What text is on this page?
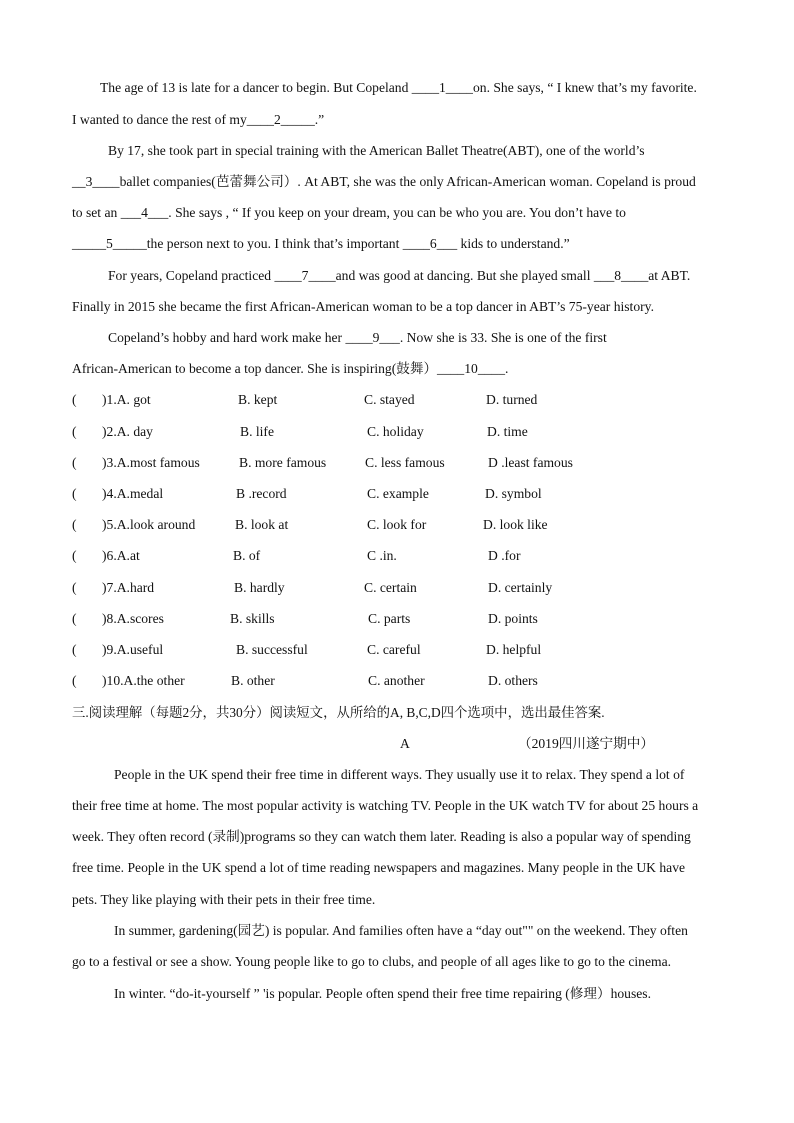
The age of 13 is late for a dancer to begin. But Copeland ____1____on. She says, “ I knew that’s my favorite.
I wanted to dance the rest of my____2_____.”
By 17, she took part in special training with the American Ballet Theatre(ABT), one of the world’s
__3____ballet companies(芭蕾舞公司）. At ABT, she was the only African-American woman. Copeland is proud
to set an ___4___. She says , “ If you keep on your dream, you can be who you are. You don’t have to
_____5_____the person next to you. I think that’s important ____6___ kids to understand.”
For years, Copeland practiced ____7____and was good at dancing. But she played small ___8____at ABT.
Finally in 2015 she became the first African-American woman to be a top dancer in ABT’s 75-year history.
Copeland’s hobby and hard work make her ____9___. Now she is 33. She is one of the first
African-American to become a top dancer. She is inspiring(鼓舞）____10____.
( )1.A. got	B. kept	C. stayed	D. turned
( )2.A. day	B. life	C. holiday	D. time
( )3.A.most famous	B. more famous	C. less famous	D .least famous
( )4.A.medal	B .record	C. example	D. symbol
( )5.A.look around	B. look at	C. look for	D. look like
( )6.A.at	B. of	C .in.	D .for
( )7.A.hard	B. hardly	C. certain	D. certainly
( )8.A.scores	B. skills	C. parts	D. points
( )9.A.useful	B. successful	C. careful	D. helpful
( )10.A.the other	B. other	C. another	D. others
三.阅读理解（每题2分，共30分）阅读短文，从所给的A, B,C,D四个选项中，选出最佳答案.
A	（2019四川遂宁期中）
People in the UK spend their free time in different ways. They usually use it to relax. They spend a lot of
their free time at home. The most popular activity is watching TV. People in the UK watch TV for about 25 hours a
week. They often record (录制)programs so they can watch them later. Reading is also a popular way of spending
free time. People in the UK spend a lot of time reading newspapers and magazines. Many people in the UK have
pets. They like playing with their pets in their free time.
In summer, gardening(园艺) is popular. And families often have a “day out"" on the weekend. They often
go to a festival or see a show. Young people like to go to clubs, and people of all ages like to go to the cinema.
In winter. “do-it-yourself ” 'is popular. People often spend their free time repairing (修理）houses.
